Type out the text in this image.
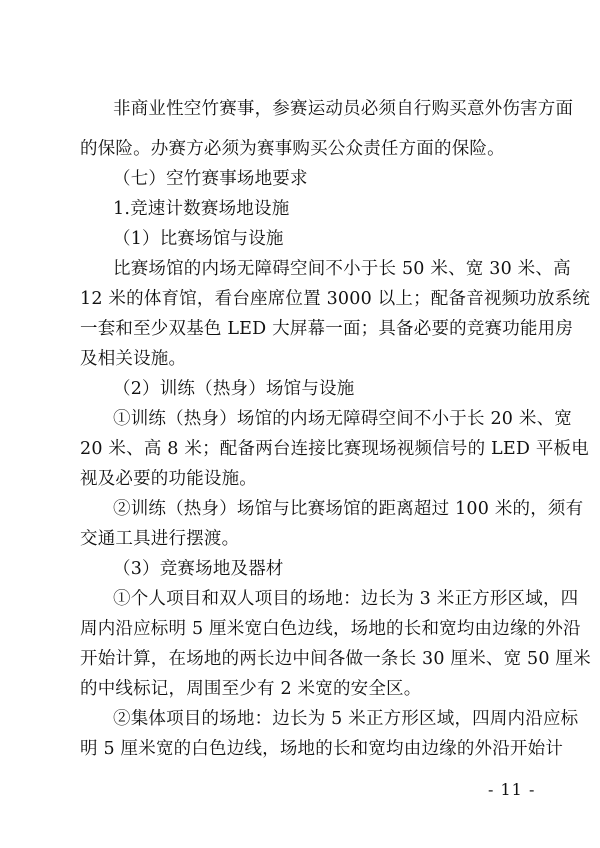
非商业性空竹赛事，参赛运动员必须自行购买意外伤害方面
的保险。办赛方必须为赛事购买公众责任方面的保险。
（七）空竹赛事场地要求
1.竞速计数赛场地设施
（1）比赛场馆与设施
比赛场馆的内场无障碍空间不小于长 50 米、宽 30 米、高
12 米的体育馆，看台座席位置 3000 以上；配备音视频功放系统
一套和至少双基色 LED 大屏幕一面；具备必要的竞赛功能用房
及相关设施。
（2）训练（热身）场馆与设施
①训练（热身）场馆的内场无障碍空间不小于长 20 米、宽
20 米、高 8 米；配备两台连接比赛现场视频信号的 LED 平板电
视及必要的功能设施。
②训练（热身）场馆与比赛场馆的距离超过 100 米的，须有
交通工具进行摆渡。
（3）竞赛场地及器材
①个人项目和双人项目的场地：边长为 3 米正方形区域，四
周内沿应标明 5 厘米宽白色边线，场地的长和宽均由边缘的外沿
开始计算，在场地的两长边中间各做一条长 30 厘米、宽 50 厘米
的中线标记，周围至少有 2 米宽的安全区。
②集体项目的场地：边长为 5 米正方形区域，四周内沿应标
明 5 厘米宽的白色边线，场地的长和宽均由边缘的外沿开始计
- 11 -
